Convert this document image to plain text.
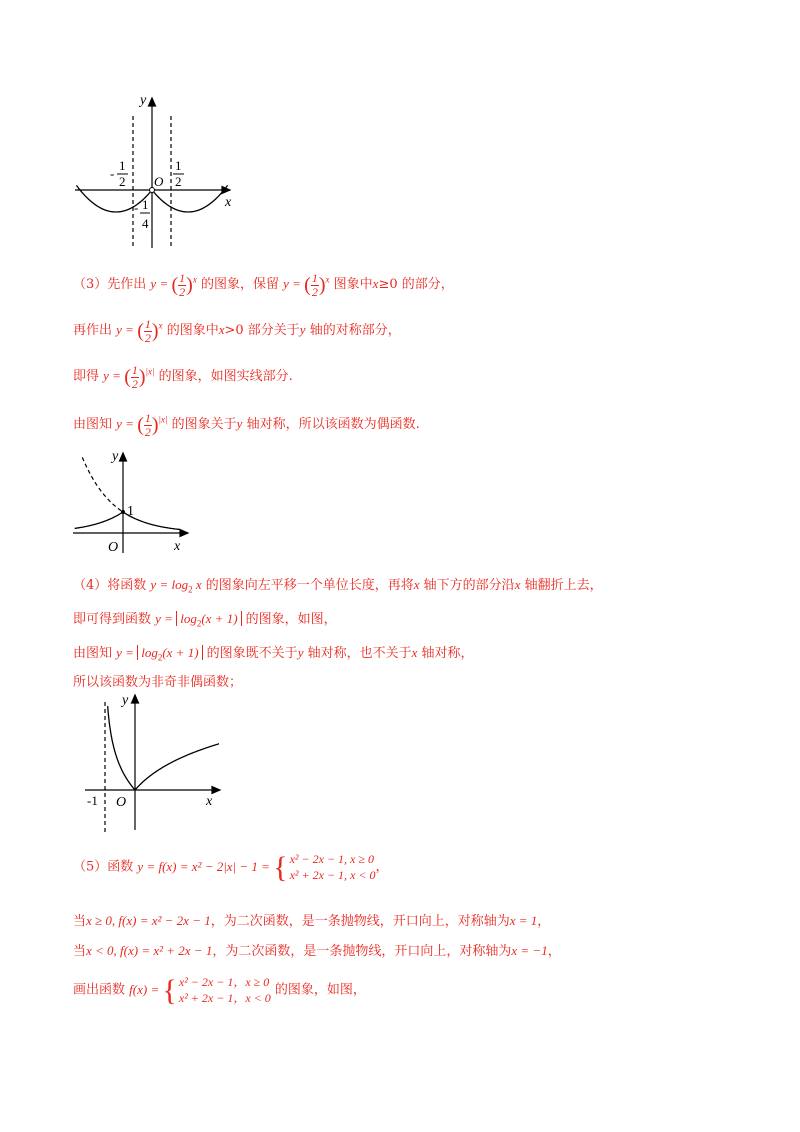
y
x
O
-
1
2
1
2
- 1
4
（3）先作出 y = ( $\frac{1}{2} )^x$ 的图象，保留 y = ( $\frac{1}{2} )^x$ 图象中x≥0 的部分，
再作出 y = ( $\frac{1}{2} )^x$ 的图象中x>0 部分关于y 轴的对称部分，
即得 y = ( $\frac{1}{2} )^{|x|}$ 的图象，如图实线部分.
由图知 y = ( $\frac{1}{2} )^{|x|}$ 的图象关于y 轴对称，所以该函数为偶函数.
y
x
O
1
（4）将函数 $y = \log_2 x$ 的图象向左平移一个单位长度，再将x 轴下方的部分沿x 轴翻折上去，
即可得到函数 $y = \log_2(x + 1)$ 的图象，如图，
由图知 $y = \log_2(x + 1)$ 的图象既不关于y 轴对称，也不关于x 轴对称，
所以该函数为非奇非偶函数；
y
x
O
-1
（5）函数 y = f(x) = x² − 2|x| − 1 = { x² − 2x − 1, x ≥ 0
x² + 2x − 1, x < 0
，
当x ≥ 0, f(x) = x² − 2x − 1，为二次函数，是一条抛物线，开口向上，对称轴为x = 1，
当x < 0, f(x) = x² + 2x − 1，为二次函数，是一条抛物线，开口向上，对称轴为x = −1，
画出函数 f(x) = { x² − 2x − 1，x ≥ 0
x² + 2x − 1，x < 0
的图象，如图，
